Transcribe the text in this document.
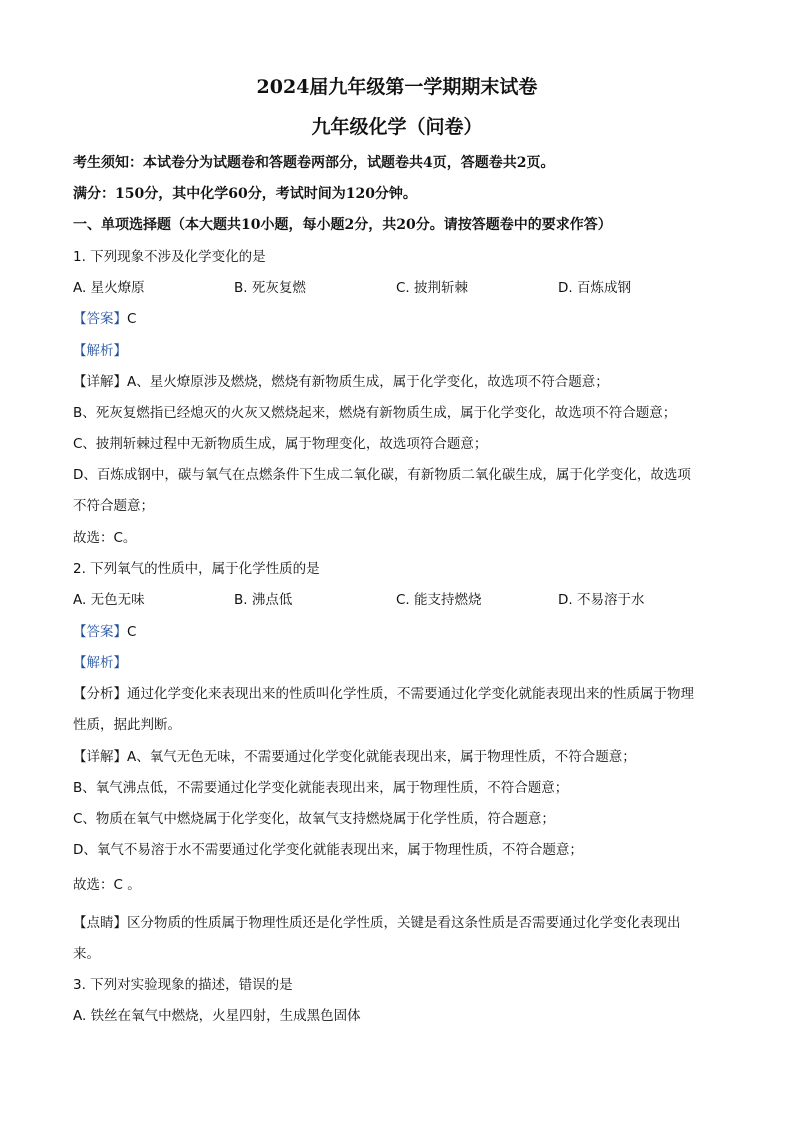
2024届九年级第一学期期末试卷
九年级化学（问卷）
考生须知：本试卷分为试题卷和答题卷两部分，试题卷共4页，答题卷共2页。
满分：150分，其中化学60分，考试时间为120分钟。
一、单项选择题（本大题共10小题，每小题2分，共20分。请按答题卷中的要求作答）
1. 下列现象不涉及化学变化的是
A. 星火燎原	B. 死灰复燃	C. 披荆斩棘	D. 百炼成钢
【答案】C
【解析】
【详解】A、星火燎原涉及燃烧，燃烧有新物质生成，属于化学变化，故选项不符合题意；
B、死灰复燃指已经熄灭的火灰又燃烧起来，燃烧有新物质生成，属于化学变化，故选项不符合题意；
C、披荆斩棘过程中无新物质生成，属于物理变化，故选项符合题意；
D、百炼成钢中，碳与氧气在点燃条件下生成二氧化碳，有新物质二氧化碳生成，属于化学变化，故选项
不符合题意；
故选：C。
2. 下列氧气的性质中，属于化学性质的是
A. 无色无味	B. 沸点低	C. 能支持燃烧	D. 不易溶于水
【答案】C
【解析】
【分析】通过化学变化来表现出来的性质叫化学性质，不需要通过化学变化就能表现出来的性质属于物理
性质，据此判断。
【详解】A、氧气无色无味，不需要通过化学变化就能表现出来，属于物理性质，不符合题意；
B、氧气沸点低，不需要通过化学变化就能表现出来，属于物理性质，不符合题意；
C、物质在氧气中燃烧属于化学变化，故氧气支持燃烧属于化学性质，符合题意；
D、氧气不易溶于水不需要通过化学变化就能表现出来，属于物理性质，不符合题意；
故选：C 。
【点睛】区分物质的性质属于物理性质还是化学性质，关键是看这条性质是否需要通过化学变化表现出
来。
3. 下列对实验现象的描述，错误的是
A. 铁丝在氧气中燃烧，火星四射，生成黑色固体
